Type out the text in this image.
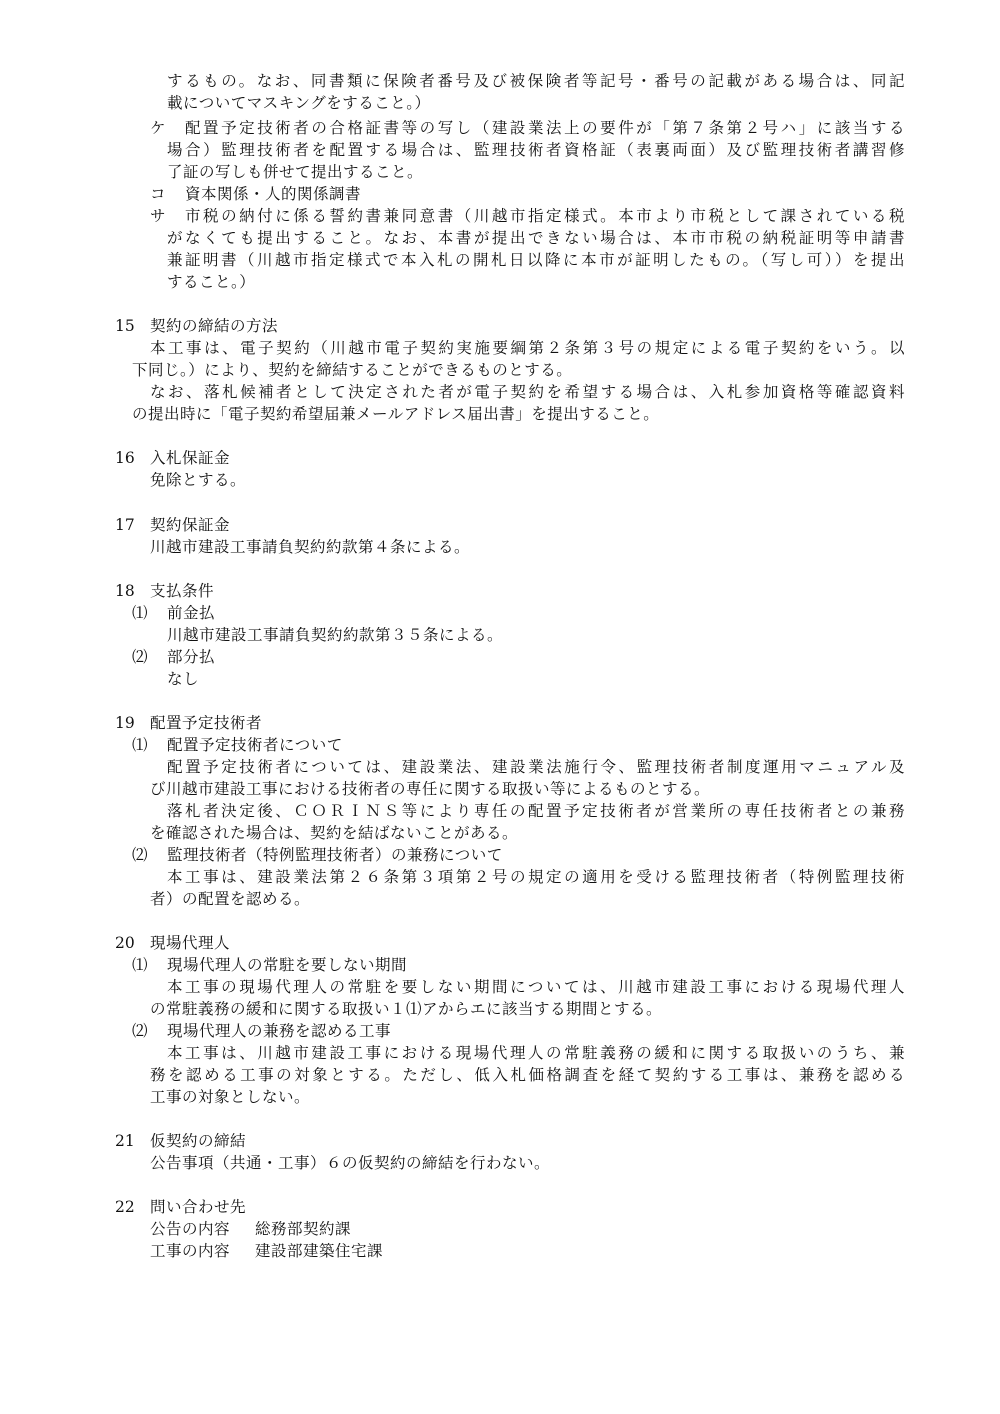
するもの。なお、同書類に保険者番号及び被保険者等記号・番号の記載がある場合は、同記
載についてマスキングをすること。）
ケ 配置予定技術者の合格証書等の写し（建設業法上の要件が「第７条第２号ハ」に該当する
場合）監理技術者を配置する場合は、監理技術者資格証（表裏両面）及び監理技術者講習修
了証の写しも併せて提出すること。
コ 資本関係・人的関係調書
サ 市税の納付に係る誓約書兼同意書（川越市指定様式。本市より市税として課されている税
がなくても提出すること。なお、本書が提出できない場合は、本市市税の納税証明等申請書
兼証明書（川越市指定様式で本入札の開札日以降に本市が証明したもの。（写し可））を提出
すること。）
15 契約の締結の方法
本工事は、電子契約（川越市電子契約実施要綱第２条第３号の規定による電子契約をいう。以
下同じ。）により、契約を締結することができるものとする。
なお、落札候補者として決定された者が電子契約を希望する場合は、入札参加資格等確認資料
の提出時に「電子契約希望届兼メールアドレス届出書」を提出すること。
16 入札保証金
免除とする。
17 契約保証金
川越市建設工事請負契約約款第４条による。
18 支払条件
⑴ 前金払
川越市建設工事請負契約約款第３５条による。
⑵ 部分払
なし
19 配置予定技術者
⑴ 配置予定技術者について
配置予定技術者については、建設業法、建設業法施行令、監理技術者制度運用マニュアル及
び川越市建設工事における技術者の専任に関する取扱い等によるものとする。
落札者決定後、ＣＯＲＩＮＳ等により専任の配置予定技術者が営業所の専任技術者との兼務
を確認された場合は、契約を結ばないことがある。
⑵ 監理技術者（特例監理技術者）の兼務について
本工事は、建設業法第２６条第３項第２号の規定の適用を受ける監理技術者（特例監理技術
者）の配置を認める。
20 現場代理人
⑴ 現場代理人の常駐を要しない期間
本工事の現場代理人の常駐を要しない期間については、川越市建設工事における現場代理人
の常駐義務の緩和に関する取扱い１⑴アからエに該当する期間とする。
⑵ 現場代理人の兼務を認める工事
本工事は、川越市建設工事における現場代理人の常駐義務の緩和に関する取扱いのうち、兼
務を認める工事の対象とする。ただし、低入札価格調査を経て契約する工事は、兼務を認める
工事の対象としない。
21 仮契約の締結
公告事項（共通・工事）６の仮契約の締結を行わない。
22 問い合わせ先
公告の内容 総務部契約課
工事の内容 建設部建築住宅課
